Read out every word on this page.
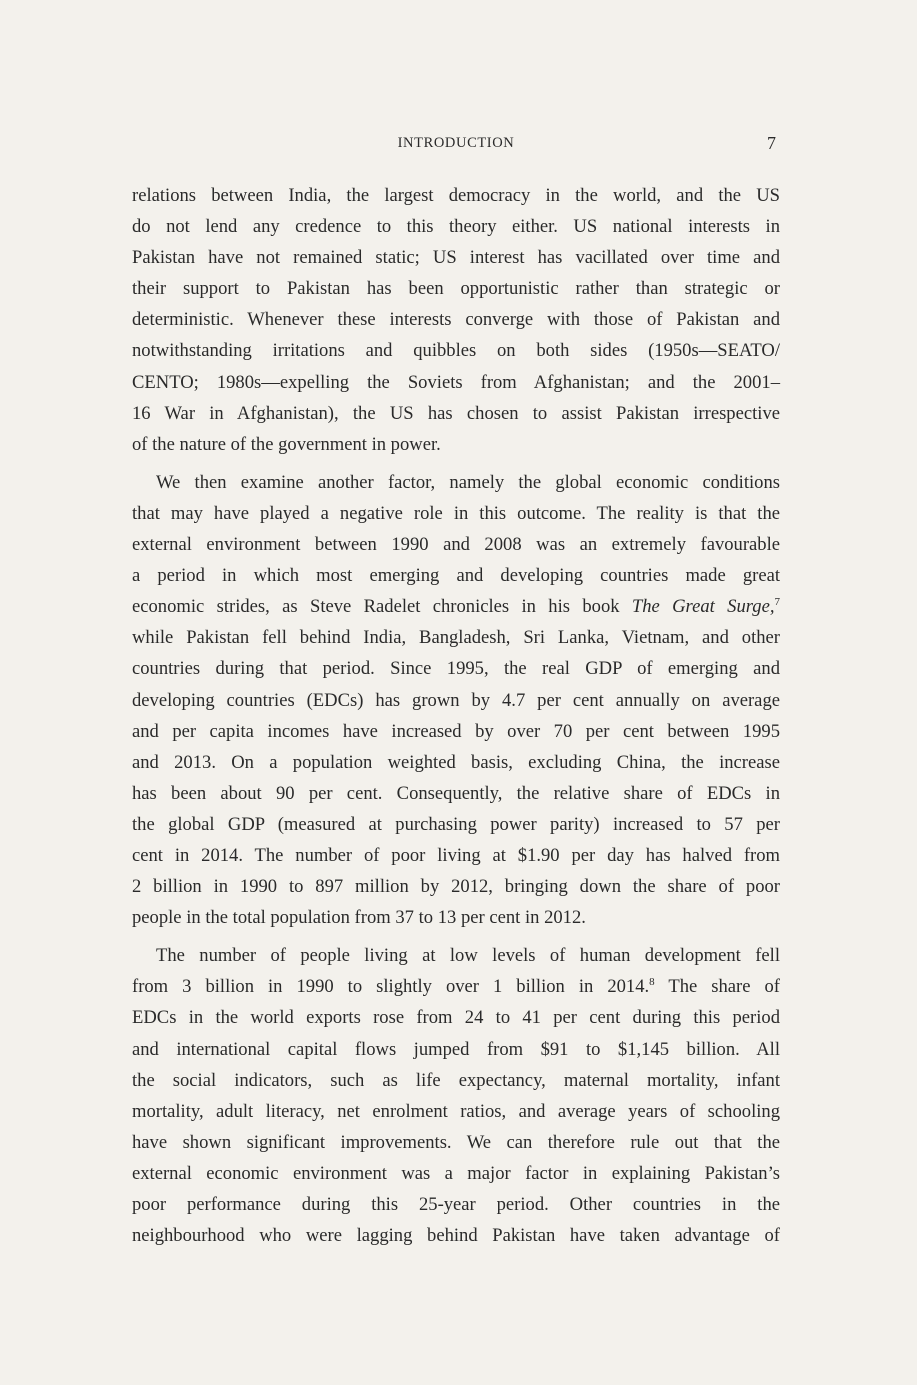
INTRODUCTION	7
relations between India, the largest democracy in the world, and the US
do not lend any credence to this theory either. US national interests in
Pakistan have not remained static; US interest has vacillated over time and
their support to Pakistan has been opportunistic rather than strategic or
deterministic. Whenever these interests converge with those of Pakistan and
notwithstanding irritations and quibbles on both sides (1950s—SEATO/
CENTO; 1980s—expelling the Soviets from Afghanistan; and the 2001–
16 War in Afghanistan), the US has chosen to assist Pakistan irrespective
of the nature of the government in power.
We then examine another factor, namely the global economic conditions
that may have played a negative role in this outcome. The reality is that the
external environment between 1990 and 2008 was an extremely favourable
a period in which most emerging and developing countries made great
economic strides, as Steve Radelet chronicles in his book The Great Surge,$^7$
while Pakistan fell behind India, Bangladesh, Sri Lanka, Vietnam, and other
countries during that period. Since 1995, the real GDP of emerging and
developing countries (EDCs) has grown by 4.7 per cent annually on average
and per capita incomes have increased by over 70 per cent between 1995
and 2013. On a population weighted basis, excluding China, the increase
has been about 90 per cent. Consequently, the relative share of EDCs in
the global GDP (measured at purchasing power parity) increased to 57 per
cent in 2014. The number of poor living at $1.90 per day has halved from
2 billion in 1990 to 897 million by 2012, bringing down the share of poor
people in the total population from 37 to 13 per cent in 2012.
The number of people living at low levels of human development fell
from 3 billion in 1990 to slightly over 1 billion in 2014.$^8$ The share of
EDCs in the world exports rose from 24 to 41 per cent during this period
and international capital flows jumped from $91 to $1,145 billion. All
the social indicators, such as life expectancy, maternal mortality, infant
mortality, adult literacy, net enrolment ratios, and average years of schooling
have shown significant improvements. We can therefore rule out that the
external economic environment was a major factor in explaining Pakistan’s
poor performance during this 25-year period. Other countries in the
neighbourhood who were lagging behind Pakistan have taken advantage of
